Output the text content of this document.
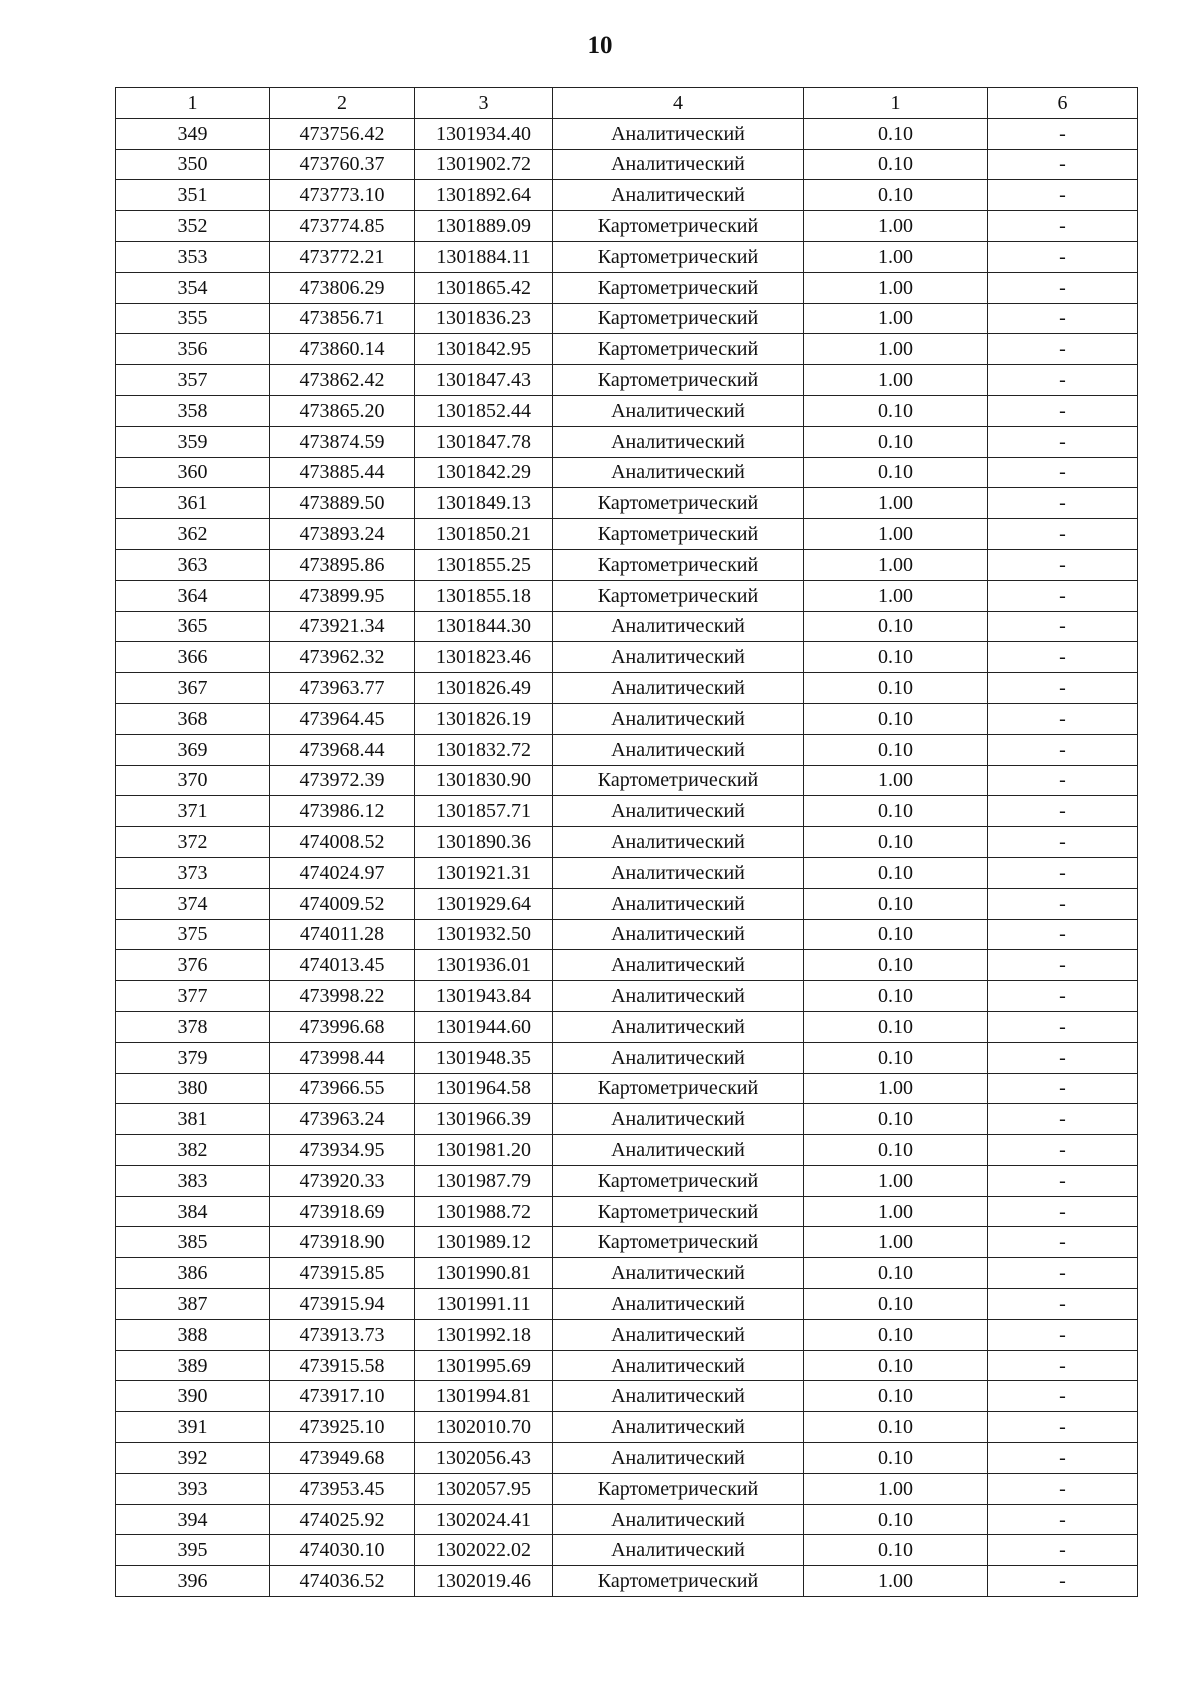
10
1	2	3	4	1	6
349	473756.42	1301934.40	Аналитический	0.10	-
350	473760.37	1301902.72	Аналитический	0.10	-
351	473773.10	1301892.64	Аналитический	0.10	-
352	473774.85	1301889.09	Картометрический	1.00	-
353	473772.21	1301884.11	Картометрический	1.00	-
354	473806.29	1301865.42	Картометрический	1.00	-
355	473856.71	1301836.23	Картометрический	1.00	-
356	473860.14	1301842.95	Картометрический	1.00	-
357	473862.42	1301847.43	Картометрический	1.00	-
358	473865.20	1301852.44	Аналитический	0.10	-
359	473874.59	1301847.78	Аналитический	0.10	-
360	473885.44	1301842.29	Аналитический	0.10	-
361	473889.50	1301849.13	Картометрический	1.00	-
362	473893.24	1301850.21	Картометрический	1.00	-
363	473895.86	1301855.25	Картометрический	1.00	-
364	473899.95	1301855.18	Картометрический	1.00	-
365	473921.34	1301844.30	Аналитический	0.10	-
366	473962.32	1301823.46	Аналитический	0.10	-
367	473963.77	1301826.49	Аналитический	0.10	-
368	473964.45	1301826.19	Аналитический	0.10	-
369	473968.44	1301832.72	Аналитический	0.10	-
370	473972.39	1301830.90	Картометрический	1.00	-
371	473986.12	1301857.71	Аналитический	0.10	-
372	474008.52	1301890.36	Аналитический	0.10	-
373	474024.97	1301921.31	Аналитический	0.10	-
374	474009.52	1301929.64	Аналитический	0.10	-
375	474011.28	1301932.50	Аналитический	0.10	-
376	474013.45	1301936.01	Аналитический	0.10	-
377	473998.22	1301943.84	Аналитический	0.10	-
378	473996.68	1301944.60	Аналитический	0.10	-
379	473998.44	1301948.35	Аналитический	0.10	-
380	473966.55	1301964.58	Картометрический	1.00	-
381	473963.24	1301966.39	Аналитический	0.10	-
382	473934.95	1301981.20	Аналитический	0.10	-
383	473920.33	1301987.79	Картометрический	1.00	-
384	473918.69	1301988.72	Картометрический	1.00	-
385	473918.90	1301989.12	Картометрический	1.00	-
386	473915.85	1301990.81	Аналитический	0.10	-
387	473915.94	1301991.11	Аналитический	0.10	-
388	473913.73	1301992.18	Аналитический	0.10	-
389	473915.58	1301995.69	Аналитический	0.10	-
390	473917.10	1301994.81	Аналитический	0.10	-
391	473925.10	1302010.70	Аналитический	0.10	-
392	473949.68	1302056.43	Аналитический	0.10	-
393	473953.45	1302057.95	Картометрический	1.00	-
394	474025.92	1302024.41	Аналитический	0.10	-
395	474030.10	1302022.02	Аналитический	0.10	-
396	474036.52	1302019.46	Картометрический	1.00	-
